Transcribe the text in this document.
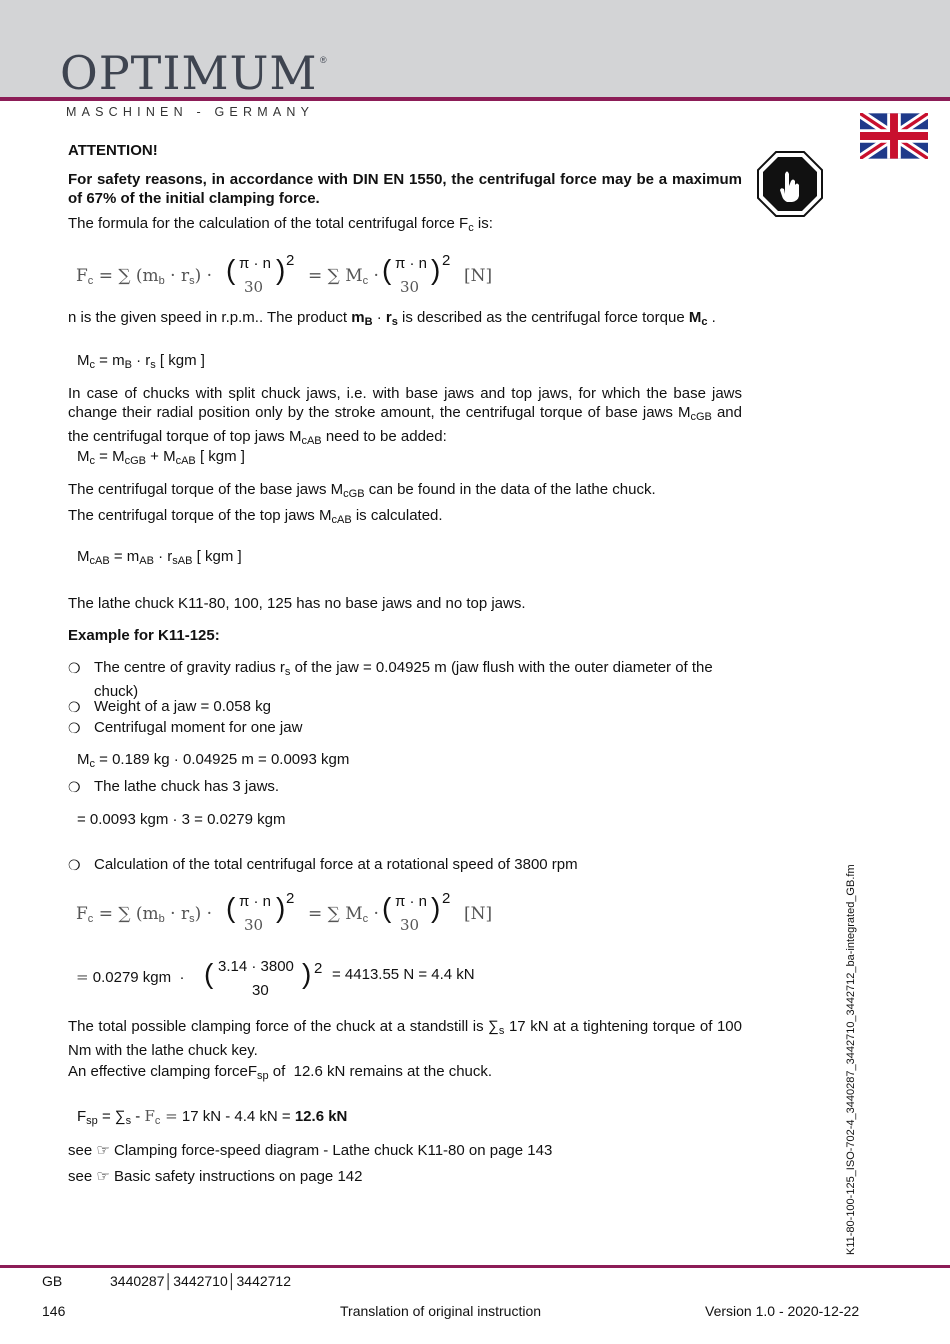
OPTIMUM ®
MASCHINEN - GERMANY
ATTENTION!
For safety reasons, in accordance with DIN EN 1550, the centrifugal force may be a maximum of 67% of the initial clamping force.
The formula for the calculation of the total centrifugal force $F_c$ is:
$F_c$ = ∑ $(m_b \cdot r_s)$ · ( π · n
30
) 2
= ∑ $M_c$ · ( π · n
30
) 2
[N]
n is the given speed in r.p.m.. The product $m_B \cdot r_s$ is described as the centrifugal force torque $M_c$ .
$M_c = m_B \cdot r_s$ [ kgm ]
In case of chucks with split chuck jaws, i.e. with base jaws and top jaws, for which the base jaws change their radial position only by the stroke amount, the centrifugal torque of base jaws $M_{cGB}$ and the centrifugal torque of top jaws $M_{cAB}$ need to be added:
$M_c = M_{cGB} + M_{cAB}$ [ kgm ]
The centrifugal torque of the base jaws $M_{cGB}$ can be found in the data of the lathe chuck.
The centrifugal torque of the top jaws $M_{cAB}$ is calculated.
$M_{cAB} = m_{AB} \cdot r_{sAB}$ [ kgm ]
The lathe chuck K11-80, 100, 125 has no base jaws and no top jaws.
Example for K11-125:
❍ The centre of gravity radius $r_s$ of the jaw = 0.04925 m (jaw flush with the outer diameter of the chuck)
❍ Weight of a jaw = 0.058 kg
❍ Centrifugal moment for one jaw
$M_c = 0.189$ kg · 0.04925 m = 0.0093 kgm
❍ The lathe chuck has 3 jaws.
= 0.0093 kgm · 3 = 0.0279 kgm
❍ Calculation of the total centrifugal force at a rotational speed of 3800 rpm
$F_c$ = ∑ $(m_b \cdot r_s)$ · ( π · n
30
) 2
= ∑ $M_c$ · ( π · n
30
) 2
[N]
= 0.0279 kgm  · ( 3.14 · 3800
30
) 2 = 4413.55 N = 4.4 kN
The total possible clamping force of the chuck at a standstill is $\sum_s$ 17 kN at a tightening torque of 100 Nm with the lathe chuck key.
An effective clamping forceF$_{sp}$ of  12.6 kN remains at the chuck.
$F_{sp} = \sum_s - F_c = 17$ kN - 4.4 kN = 12.6 kN
see ☞ Clamping force-speed diagram - Lathe chuck K11-80 on page 143
see ☞ Basic safety instructions on page 142	K11-80-100-125_ISO-702-4_3440287_3442710_3442712_ba-integrated_GB.fm
GB	3440287│3442710│3442712
146	Translation of original instruction	Version 1.0 - 2020-12-22
